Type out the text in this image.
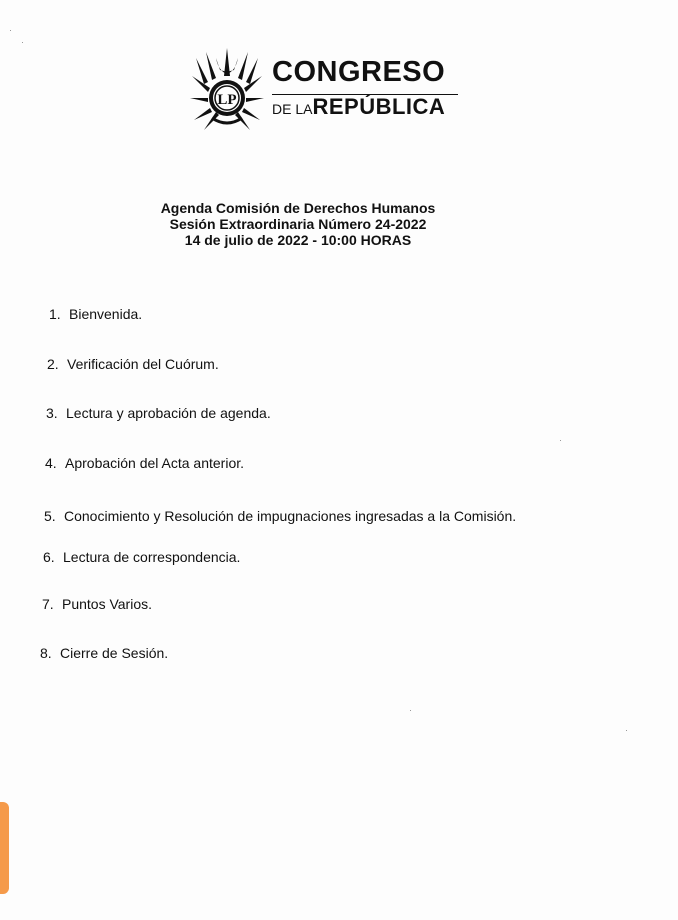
LP
CONGRESO
DE LAREPÚBLICA
Agenda Comisión de Derechos Humanos
Sesión Extraordinaria Número 24-2022
14 de julio de 2022 - 10:00 HORAS
1. Bienvenida.
2. Verificación del Cuórum.
3. Lectura y aprobación de agenda.
4. Aprobación del Acta anterior.
5. Conocimiento y Resolución de impugnaciones ingresadas a la Comisión.
6. Lectura de correspondencia.
7. Puntos Varios.
8. Cierre de Sesión.
